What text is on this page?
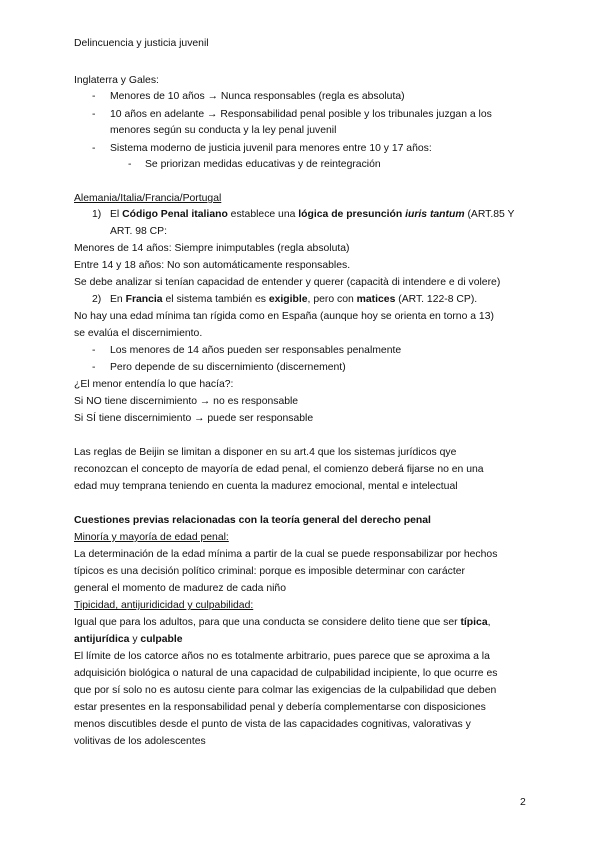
Delincuencia y justicia juvenil
Inglaterra y Gales:
- Menores de 10 años → Nunca responsables (regla es absoluta)
- 10 años en adelante → Responsabilidad penal posible y los tribunales juzgan a los
menores según su conducta y la ley penal juvenil
- Sistema moderno de justicia juvenil para menores entre 10 y 17 años:
- Se priorizan medidas educativas y de reintegración
Alemania/Italia/Francia/Portugal
1) El Código Penal italiano establece una lógica de presunción iuris tantum (ART.85 Y
ART. 98 CP:
Menores de 14 años: Siempre inimputables (regla absoluta)
Entre 14 y 18 años: No son automáticamente responsables.
Se debe analizar si tenían capacidad de entender y querer (capacità di intendere e di volere)
2) En Francia el sistema también es exigible, pero con matices (ART. 122-8 CP).
No hay una edad mínima tan rígida como en España (aunque hoy se orienta en torno a 13)
se evalúa el discernimiento.
- Los menores de 14 años pueden ser responsables penalmente
- Pero depende de su discernimiento (discernement)
¿El menor entendía lo que hacía?:
Si NO tiene discernimiento → no es responsable
Si SÍ tiene discernimiento → puede ser responsable
Las reglas de Beijin se limitan a disponer en su art.4 que los sistemas jurídicos qye
reconozcan el concepto de mayoría de edad penal, el comienzo deberá fijarse no en una
edad muy temprana teniendo en cuenta la madurez emocional, mental e intelectual
Cuestiones previas relacionadas con la teoría general del derecho penal
Minoría y mayoría de edad penal:
La determinación de la edad mínima a partir de la cual se puede responsabilizar por hechos
típicos es una decisión político criminal: porque es imposible determinar con carácter
general el momento de madurez de cada niño
Tipicidad, antijuridicidad y culpabilidad:
Igual que para los adultos, para que una conducta se considere delito tiene que ser típica,
antijurídica y culpable
El límite de los catorce años no es totalmente arbitrario, pues parece que se aproxima a la
adquisición biológica o natural de una capacidad de culpabilidad incipiente, lo que ocurre es
que por sí solo no es autosu ciente para colmar las exigencias de la culpabilidad que deben
estar presentes en la responsabilidad penal y debería complementarse con disposiciones
menos discutibles desde el punto de vista de las capacidades cognitivas, valorativas y
volitivas de los adolescentes
2
